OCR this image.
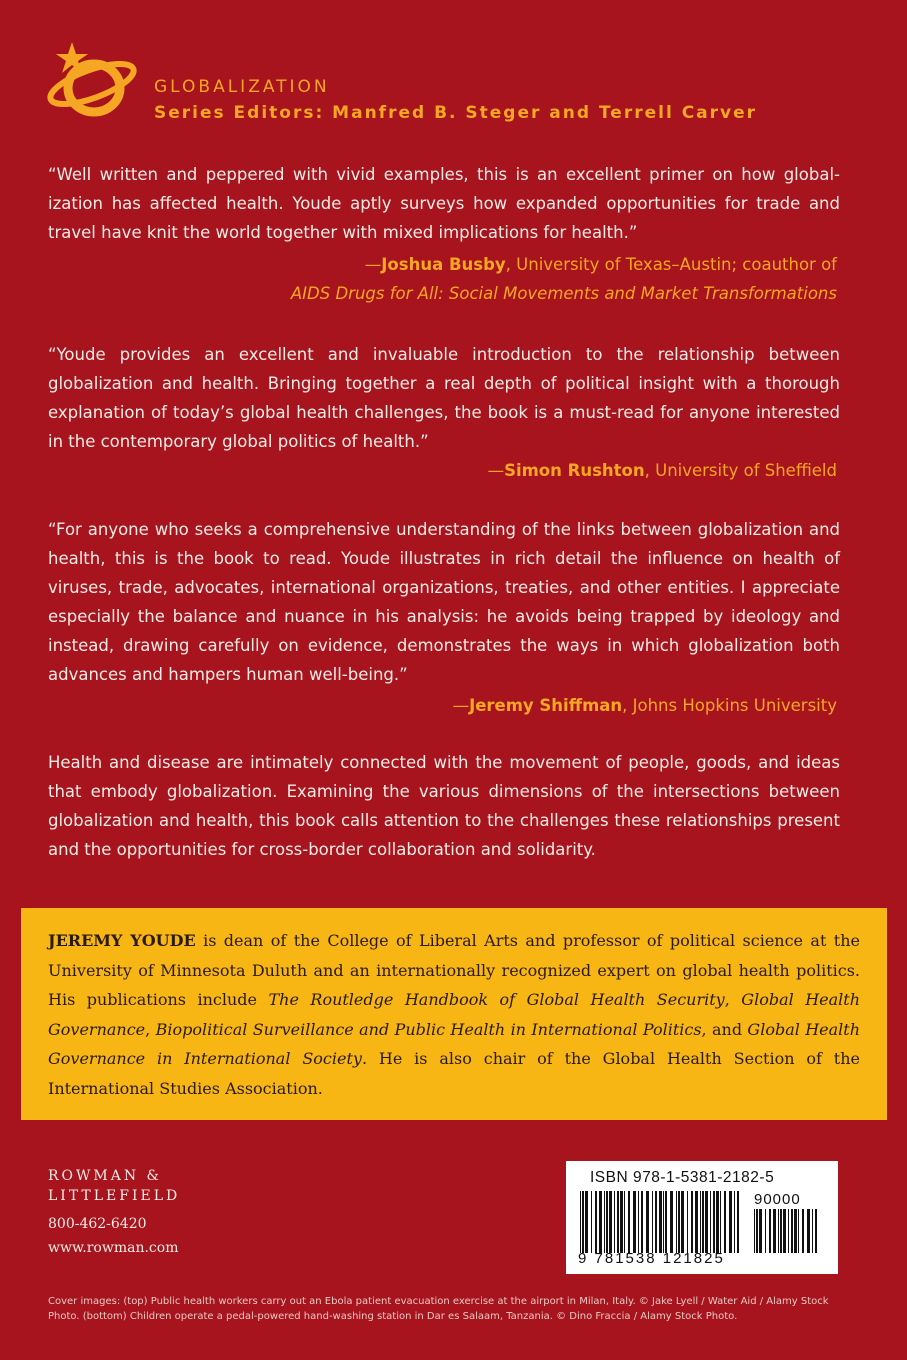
GLOBALIZATION
Series Editors: Manfred B. Steger and Terrell Carver
“Well written and peppered with vivid examples, this is an excellent primer on how globalization has affected health. Youde aptly surveys how expanded opportunities for trade and travel have knit the world together with mixed implications for health.”
—Joshua Busby, University of Texas–Austin; coauthor of
AIDS Drugs for All: Social Movements and Market Transformations
“Youde provides an excellent and invaluable introduction to the relationship between globalization and health. Bringing together a real depth of political insight with a thorough explanation of today’s global health challenges, the book is a must-read for anyone interested in the contemporary global politics of health.”
—Simon Rushton, University of Sheffield
“For anyone who seeks a comprehensive understanding of the links between globalization and health, this is the book to read. Youde illustrates in rich detail the influence on health of viruses, trade, advocates, international organizations, treaties, and other entities. I appreciate especially the balance and nuance in his analysis: he avoids being trapped by ideology and instead, drawing carefully on evidence, demonstrates the ways in which globalization both advances and hampers human well-being.”
—Jeremy Shiffman, Johns Hopkins University
Health and disease are intimately connected with the movement of people, goods, and ideas that embody globalization. Examining the various dimensions of the intersections between globalization and health, this book calls attention to the challenges these relationships present and the opportunities for cross-border collaboration and solidarity.
JEREMY YOUDE is dean of the College of Liberal Arts and professor of political science at the University of Minnesota Duluth and an internationally recognized expert on global health politics. His publications include The Routledge Handbook of Global Health Security, Global Health Governance, Biopolitical Surveillance and Public Health in International Politics, and Global Health Governance in International Society. He is also chair of the Global Health Section of the International Studies Association.
ROWMAN &
LITTLEFIELD
800-462-6420
www.rowman.com
ISBN 978-1-5381-2182-5
90000
9 781538 121825
Cover images: (top) Public health workers carry out an Ebola patient evacuation exercise at the airport in Milan, Italy. © Jake Lyell / Water Aid / Alamy Stock Photo. (bottom) Children operate a pedal-powered hand-washing station in Dar es Salaam, Tanzania. © Dino Fraccia / Alamy Stock Photo.
